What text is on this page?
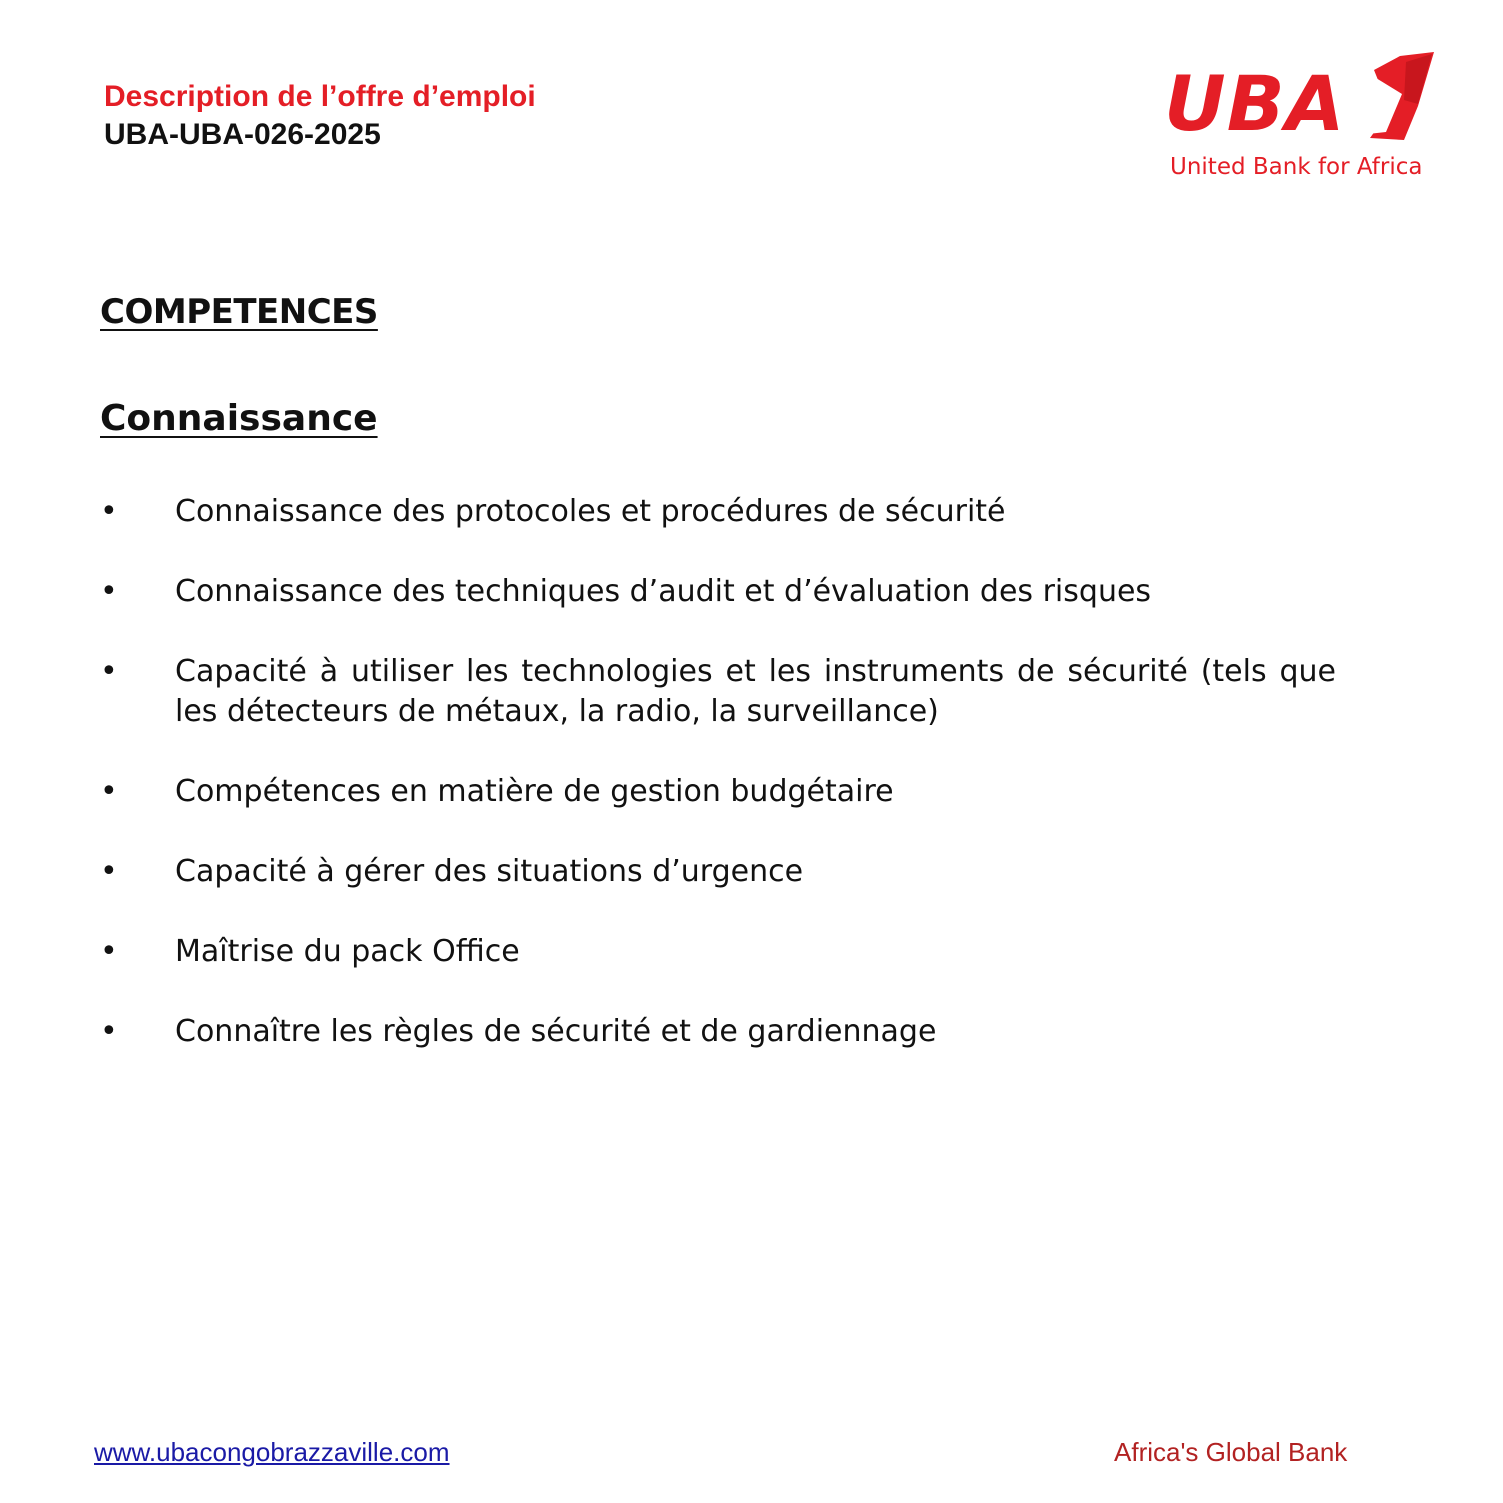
Description de l’offre d’emploi
UBA-UBA-026-2025	UBA
United Bank for Africa
COMPETENCES
Connaissance
• Connaissance des protocoles et procédures de sécurité
• Connaissance des techniques d’audit et d’évaluation des risques
• Capacité à utiliser les technologies et les instruments de sécurité (tels que les détecteurs de métaux, la radio, la surveillance)
• Compétences en matière de gestion budgétaire
• Capacité à gérer des situations d’urgence
• Maîtrise du pack Office
• Connaître les règles de sécurité et de gardiennage
www.ubacongobrazzaville.com	Africa's Global Bank
